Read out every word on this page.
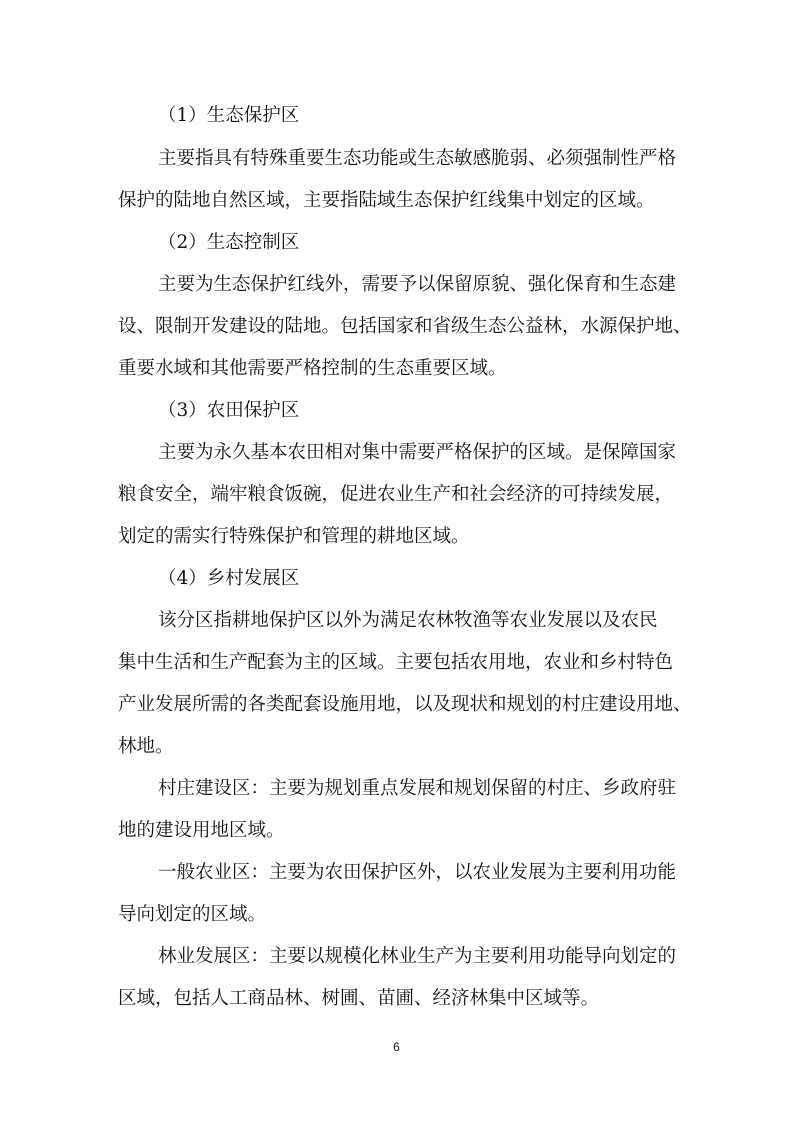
（1）生态保护区
主要指具有特殊重要生态功能或生态敏感脆弱、必须强制性严格
保护的陆地自然区域，主要指陆域生态保护红线集中划定的区域。
（2）生态控制区
主要为生态保护红线外，需要予以保留原貌、强化保育和生态建
设、限制开发建设的陆地。包括国家和省级生态公益林，水源保护地、
重要水域和其他需要严格控制的生态重要区域。
（3）农田保护区
主要为永久基本农田相对集中需要严格保护的区域。是保障国家
粮食安全，端牢粮食饭碗，促进农业生产和社会经济的可持续发展，
划定的需实行特殊保护和管理的耕地区域。
（4）乡村发展区
该分区指耕地保护区以外为满足农林牧渔等农业发展以及农民
集中生活和生产配套为主的区域。主要包括农用地，农业和乡村特色
产业发展所需的各类配套设施用地，以及现状和规划的村庄建设用地、
林地。
村庄建设区：主要为规划重点发展和规划保留的村庄、乡政府驻
地的建设用地区域。
一般农业区：主要为农田保护区外，以农业发展为主要利用功能
导向划定的区域。
林业发展区：主要以规模化林业生产为主要利用功能导向划定的
区域，包括人工商品林、树圃、苗圃、经济林集中区域等。
6
